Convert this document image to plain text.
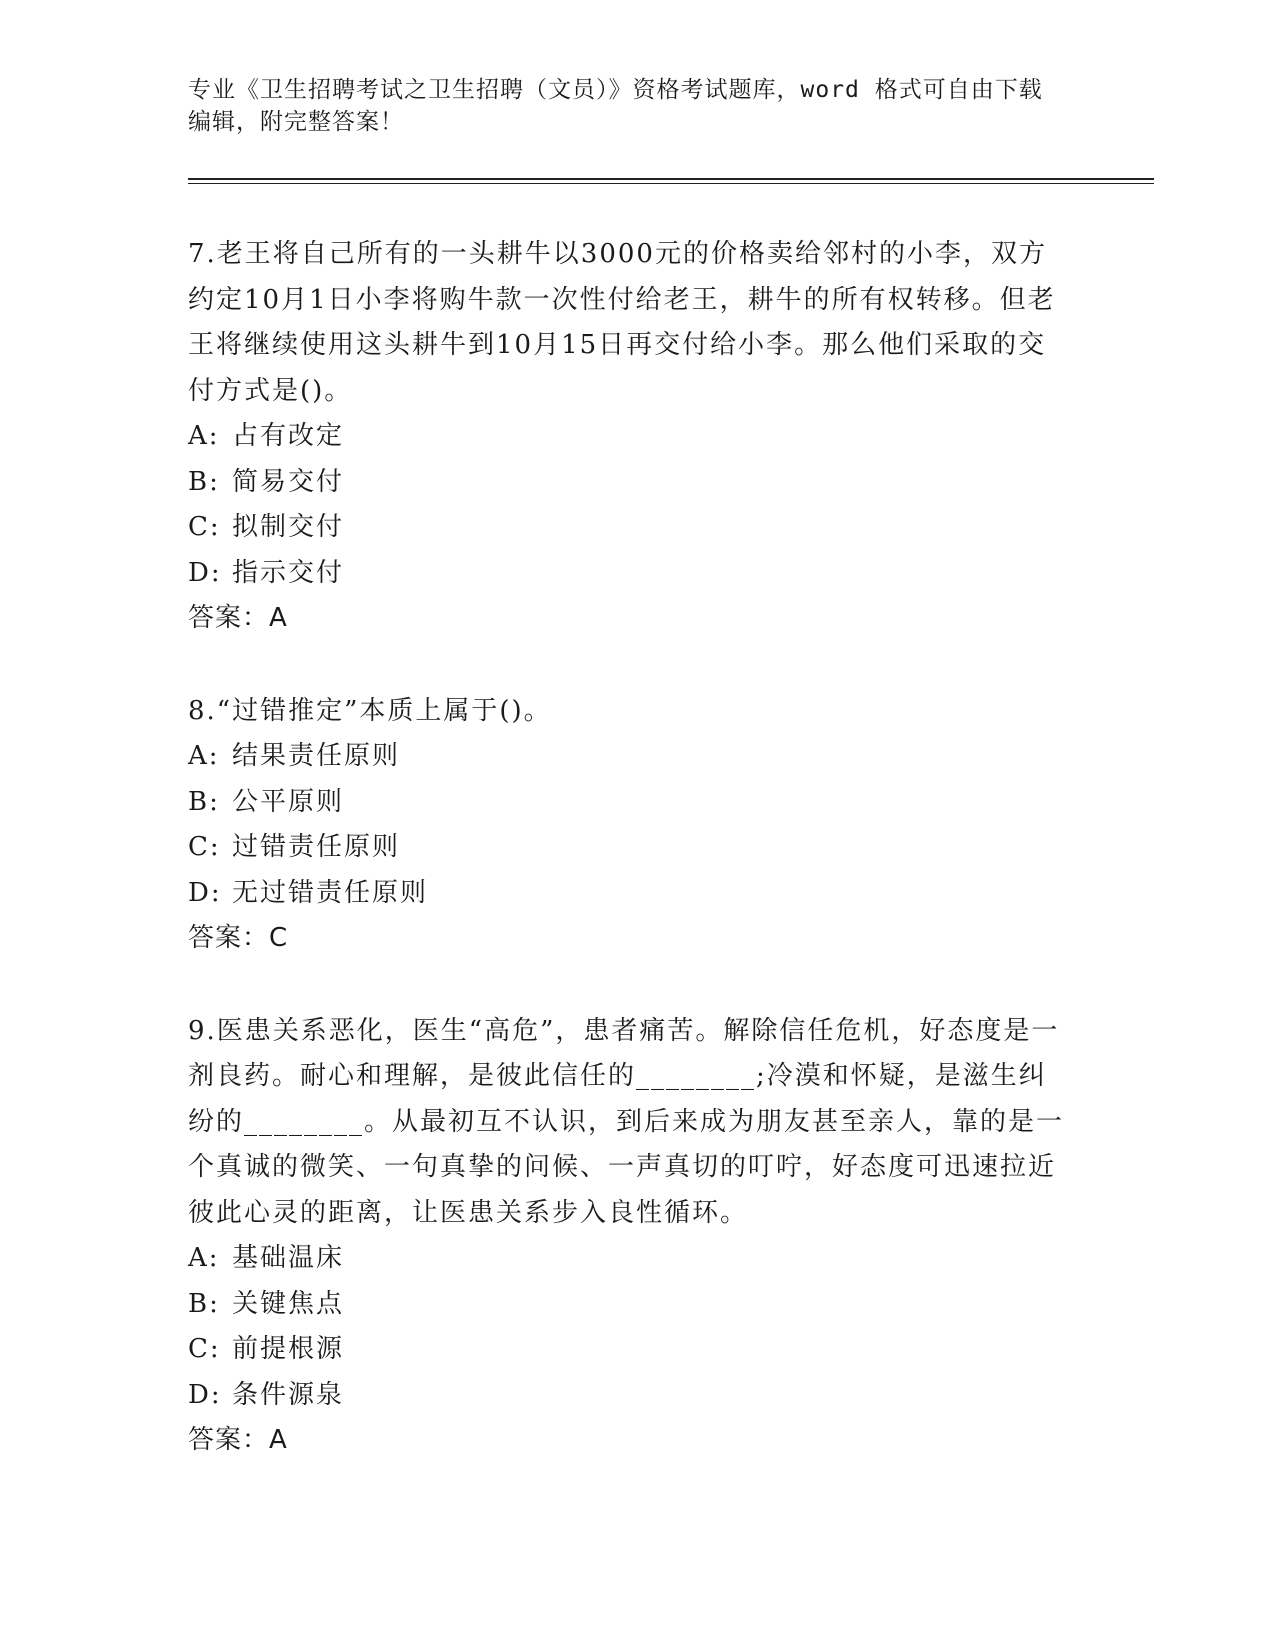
专业《卫生招聘考试之卫生招聘（文员）》资格考试题库，word 格式可自由下载
编辑，附完整答案！

7.老王将自己所有的一头耕牛以3000元的价格卖给邻村的小李，双方约定10月1日小李将购牛款一次性付给老王，耕牛的所有权转移。但老王将继续使用这头耕牛到10月15日再交付给小李。那么他们采取的交付方式是()。

A: 占有改定

B: 简易交付

C: 拟制交付

D: 指示交付

答案：A

8.“过错推定”本质上属于()。

A: 结果责任原则

B: 公平原则

C: 过错责任原则

D: 无过错责任原则

答案：C

9.医患关系恶化，医生“高危”，患者痛苦。解除信任危机，好态度是一剂良药。耐心和理解，是彼此信任的________;冷漠和怀疑，是滋生纠纷的________。从最初互不认识，到后来成为朋友甚至亲人，靠的是一个真诚的微笑、一句真挚的问候、一声真切的叮咛，好态度可迅速拉近彼此心灵的距离，让医患关系步入良性循环。

A: 基础温床

B: 关键焦点

C: 前提根源

D: 条件源泉

答案：A
